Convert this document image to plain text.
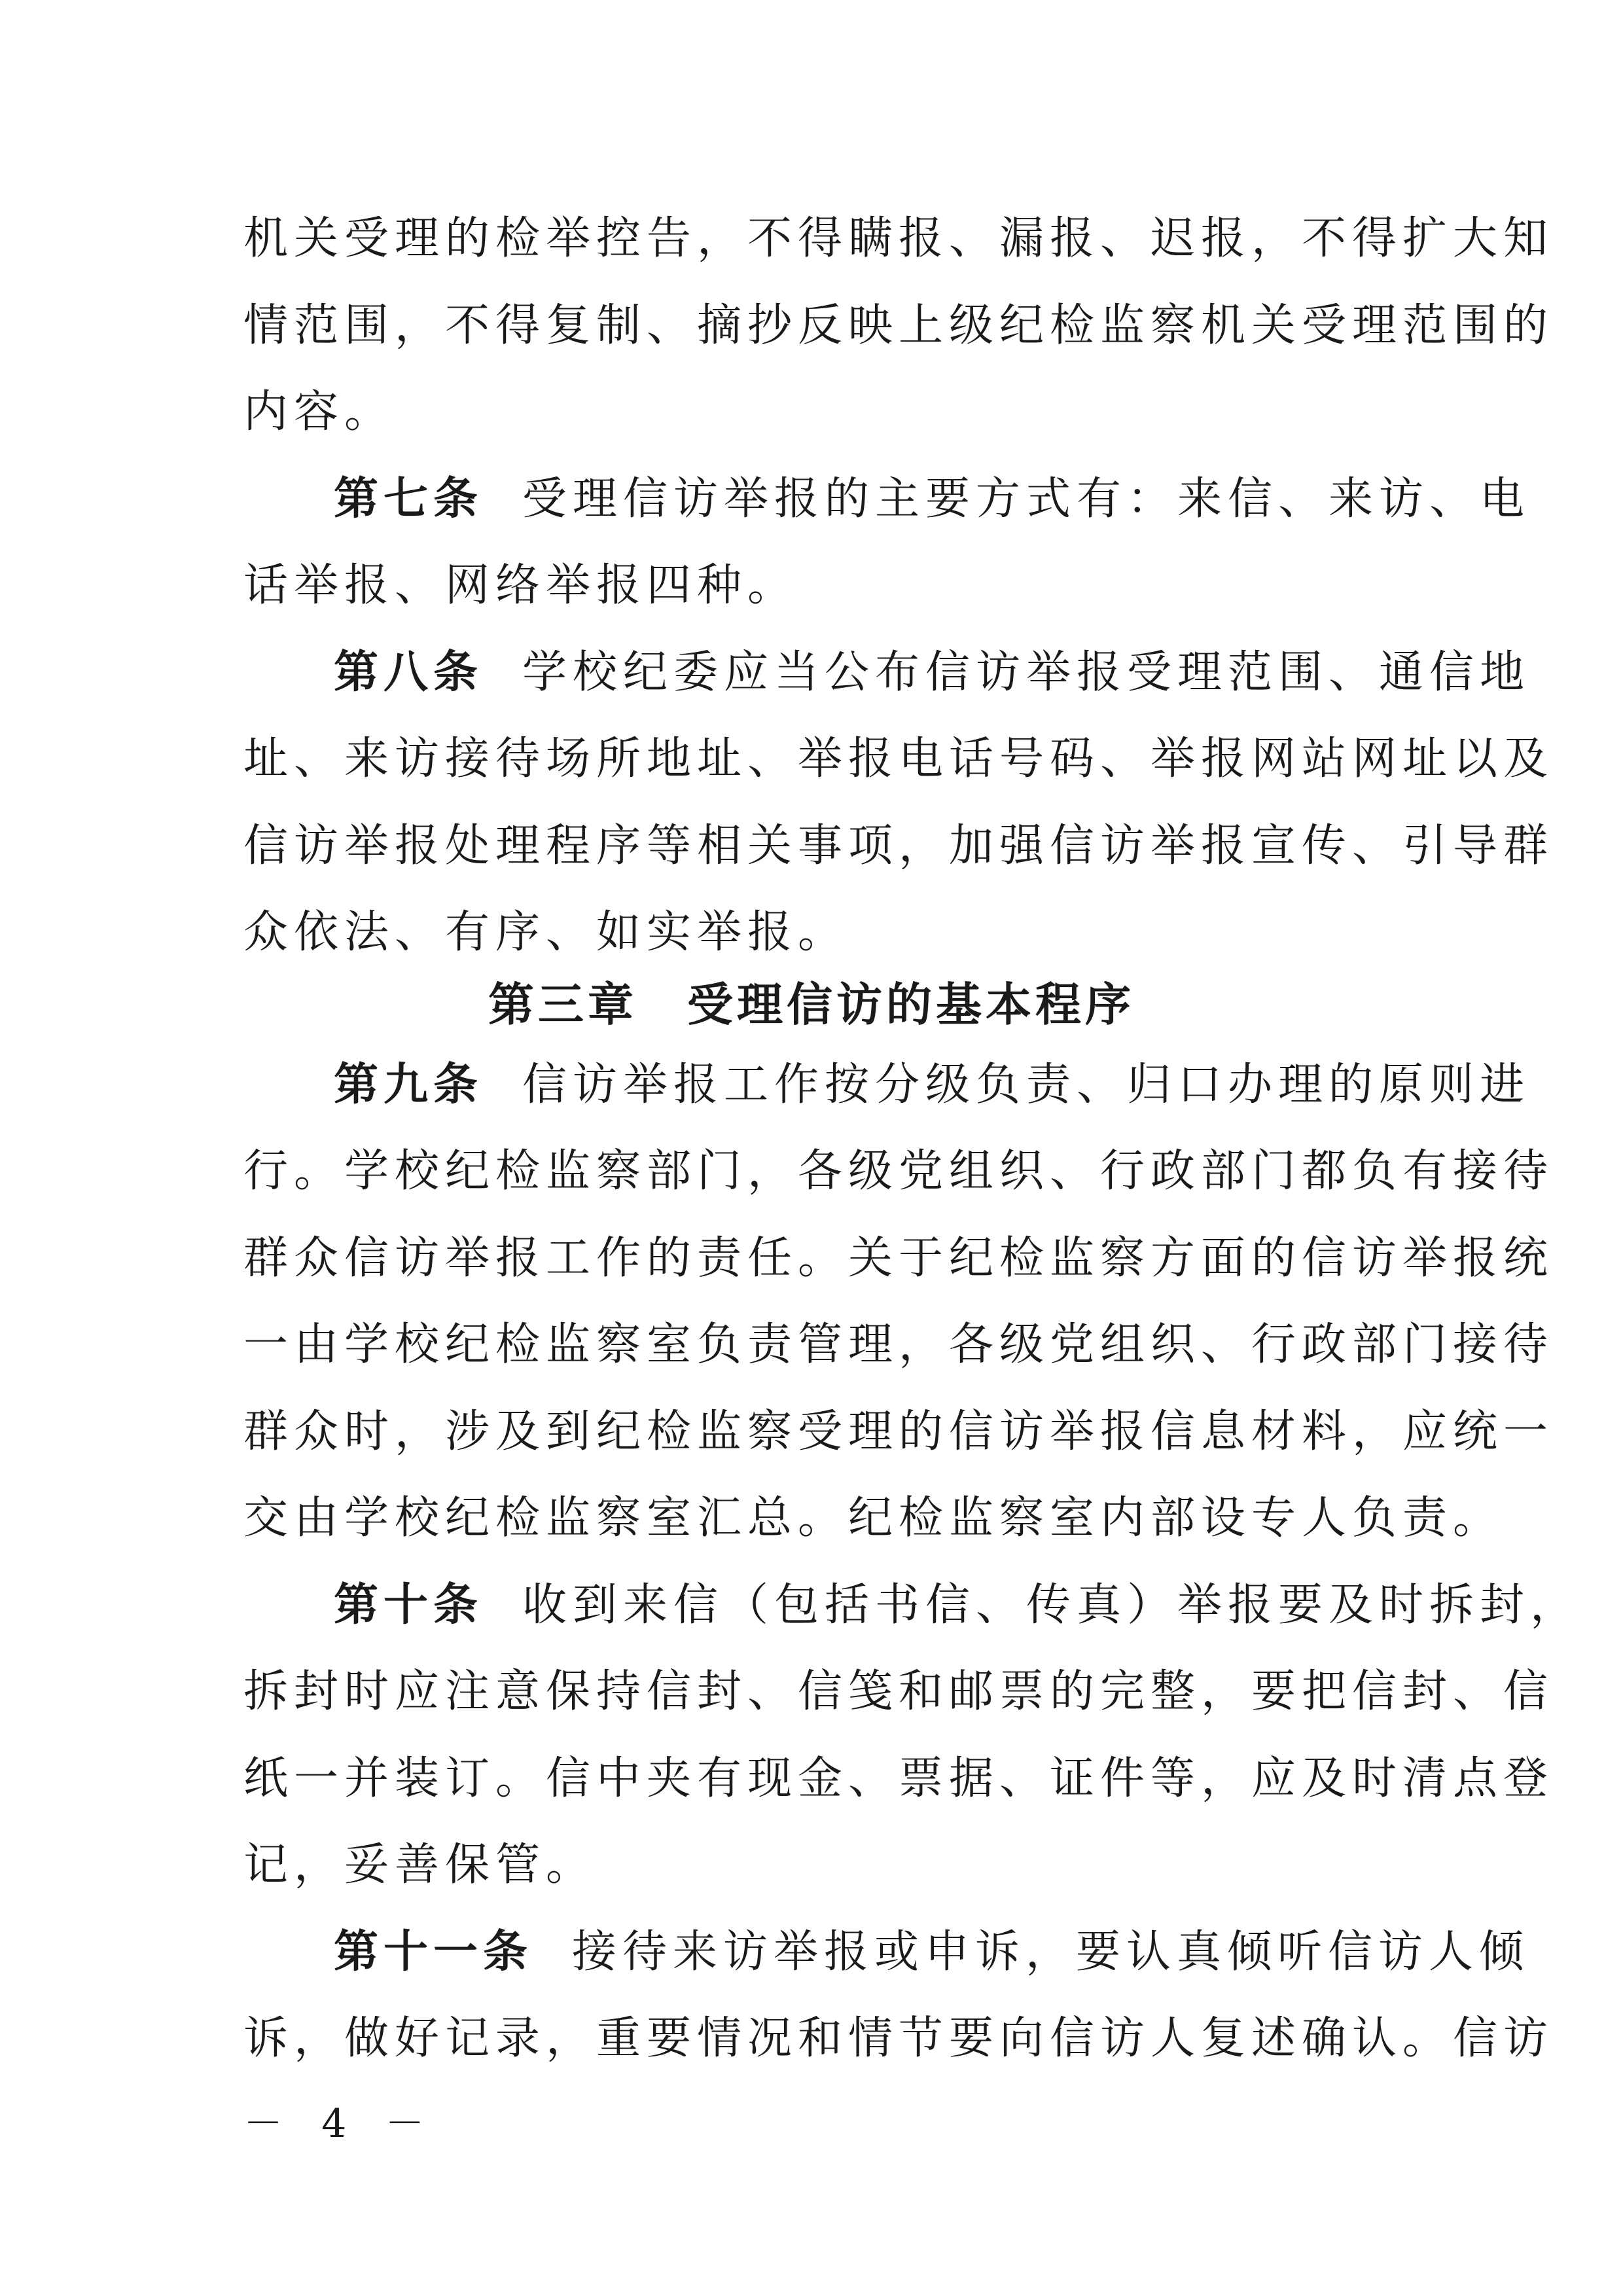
机关受理的检举控告，不得瞒报、漏报、迟报，不得扩大知
情范围，不得复制、摘抄反映上级纪检监察机关受理范围的
内容。
第七条 受理信访举报的主要方式有：来信、来访、电
话举报、网络举报四种。
第八条 学校纪委应当公布信访举报受理范围、通信地
址、来访接待场所地址、举报电话号码、举报网站网址以及
信访举报处理程序等相关事项，加强信访举报宣传、引导群
众依法、有序、如实举报。
第三章　受理信访的基本程序
第九条 信访举报工作按分级负责、归口办理的原则进
行。学校纪检监察部门，各级党组织、行政部门都负有接待
群众信访举报工作的责任。关于纪检监察方面的信访举报统
一由学校纪检监察室负责管理，各级党组织、行政部门接待
群众时，涉及到纪检监察受理的信访举报信息材料，应统一
交由学校纪检监察室汇总。纪检监察室内部设专人负责。
第十条 收到来信（包括书信、传真）举报要及时拆封，
拆封时应注意保持信封、信笺和邮票的完整，要把信封、信
纸一并装订。信中夹有现金、票据、证件等，应及时清点登
记，妥善保管。
第十一条 接待来访举报或申诉，要认真倾听信访人倾
诉，做好记录，重要情况和情节要向信访人复述确认。信访
－ 4 －
